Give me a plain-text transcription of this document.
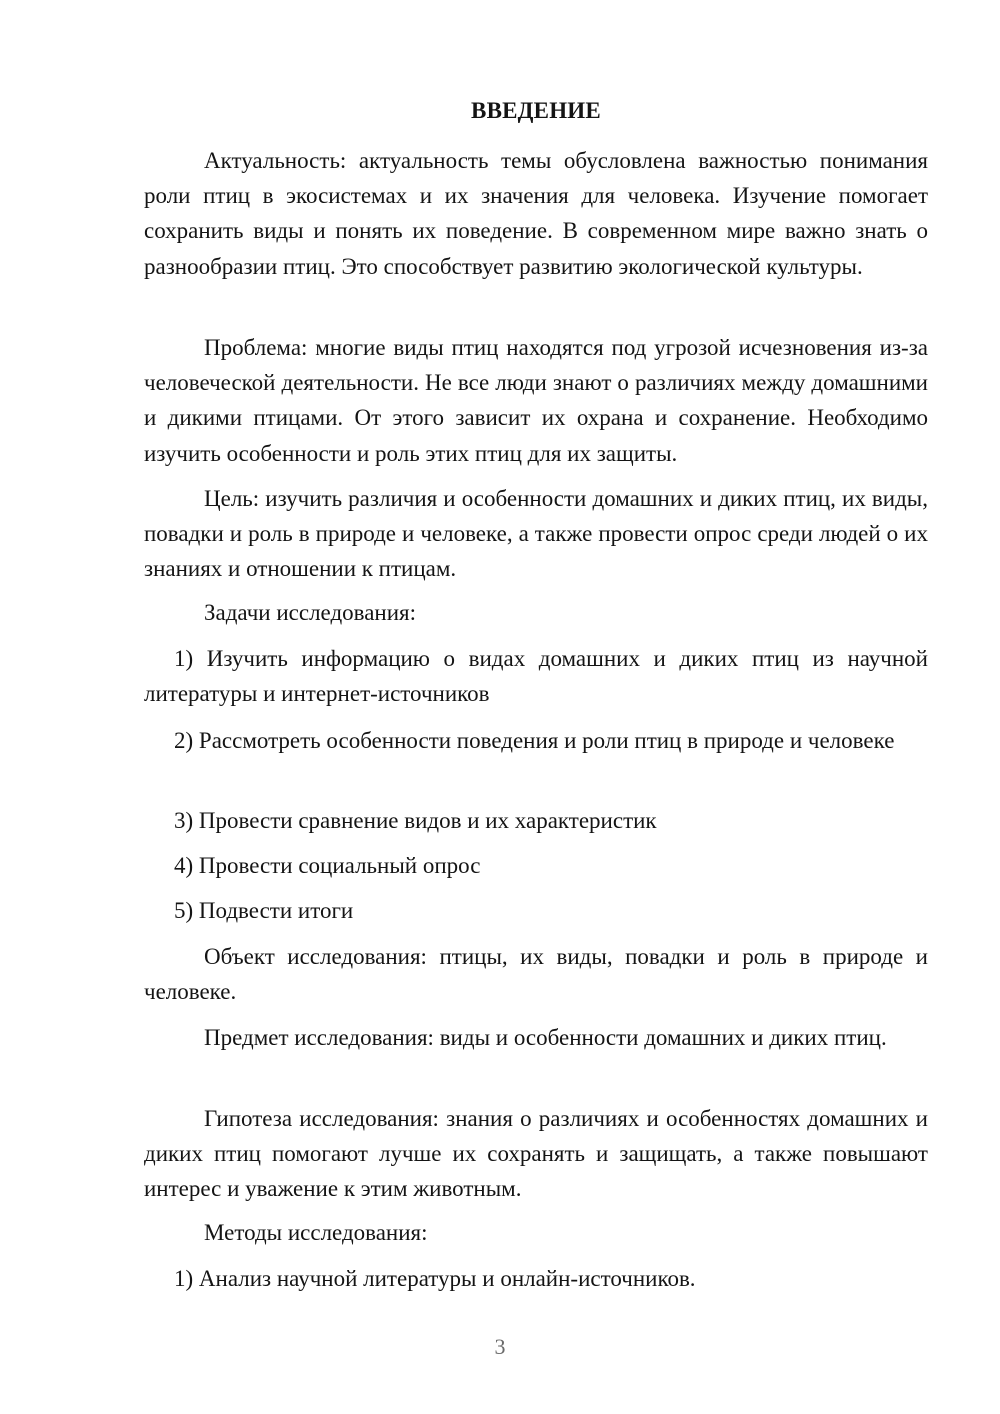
ВВЕДЕНИЕ

Актуальность: актуальность темы обусловлена важностью понимания роли птиц в экосистемах и их значения для человека. Изучение помогает сохранить виды и понять их поведение. В современном мире важно знать о разнообразии птиц. Это способствует развитию экологической культуры.

Проблема: многие виды птиц находятся под угрозой исчезновения из-за человеческой деятельности. Не все люди знают о различиях между домашними и дикими птицами. От этого зависит их охрана и сохранение. Необходимо изучить особенности и роль этих птиц для их защиты.

Цель: изучить различия и особенности домашних и диких птиц, их виды, повадки и роль в природе и человеке, а также провести опрос среди людей о их знаниях и отношении к птицам.

Задачи исследования:

1) Изучить информацию о видах домашних и диких птиц из научной литературы и интернет-источников

2) Рассмотреть особенности поведения и роли птиц в природе и человеке

3) Провести сравнение видов и их характеристик

4) Провести социальный опрос

5) Подвести итоги

Объект исследования: птицы, их виды, повадки и роль в природе и человеке.

Предмет исследования: виды и особенности домашних и диких птиц.

Гипотеза исследования: знания о различиях и особенностях домашних и диких птиц помогают лучше их сохранять и защищать, а также повышают интерес и уважение к этим животным.

Методы исследования:

1) Анализ научной литературы и онлайн-источников.

3
